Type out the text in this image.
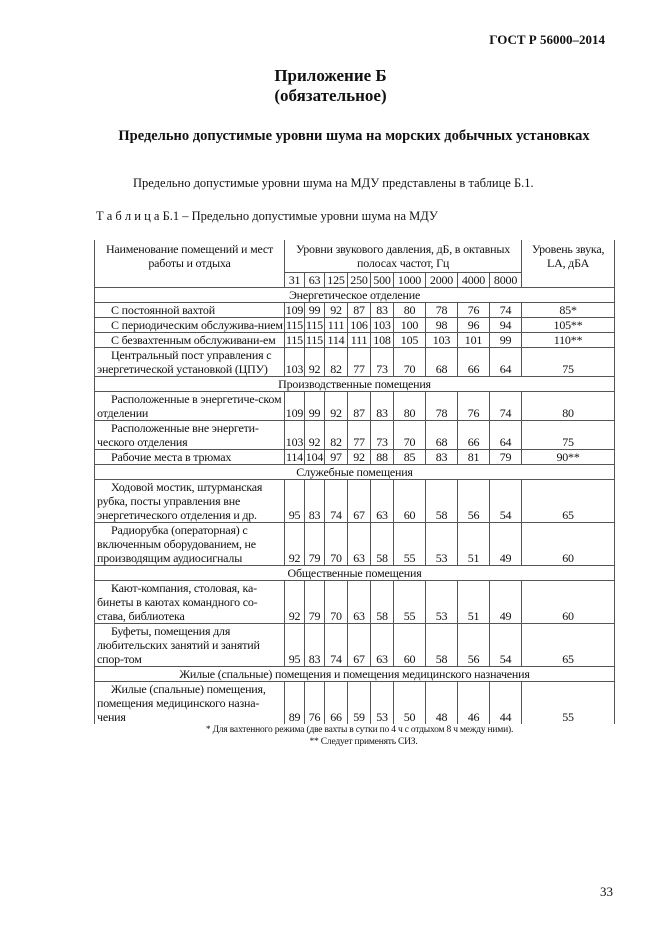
ГОСТ Р 56000–2014
Приложение Б
(обязательное)
Предельно допустимые уровни шума на морских добычных установках
Предельно допустимые уровни шума на МДУ представлены в таблице Б.1.
Т а б л и ц а Б.1 – Предельно допустимые уровни шума на МДУ
Наименование помещений и мест работы и отдыха	Уровни звукового давления, дБ, в октавных полосах частот, Гц									Уровень звука, LA, дБА
	31	63	125	250	500	1000	2000	4000	8000	
Энергетическое отделение										
С постоянной вахтой	109	99	92	87	83	80	78	76	74	85*
С периодическим обслужива-нием	115	115	111	106	103	100	98	96	94	105**
С безвахтенным обслуживани-ем	115	115	114	111	108	105	103	101	99	110**
Центральный пост управления с энергетической установкой (ЦПУ)	103	92	82	77	73	70	68	66	64	75
Производственные помещения										
Расположенные в энергетиче-ском отделении	109	99	92	87	83	80	78	76	74	80
Расположенные вне энергети-ческого отделения	103	92	82	77	73	70	68	66	64	75
Рабочие места в трюмах	114	104	97	92	88	85	83	81	79	90**
Служебные помещения										
Ходовой мостик, штурманская рубка, посты управления вне энергетического отделения и др.	95	83	74	67	63	60	58	56	54	65
Радиорубка (операторная) с включенным оборудованием, не производящим аудиосигналы	92	79	70	63	58	55	53	51	49	60
Общественные помещения										
Кают-компания, столовая, ка-бинеты в каютах командного со-става, библиотека	92	79	70	63	58	55	53	51	49	60
Буфеты, помещения для любительских занятий и занятий спор-том	95	83	74	67	63	60	58	56	54	65
Жилые (спальные) помещения и помещения медицинского назначения										
Жилые (спальные) помещения, помещения медицинского назна-чения	89	76	66	59	53	50	48	46	44	55
* Для вахтенного режима (две вахты в сутки по 4 ч с отдыхом 8 ч между ними).										
** Следует применять СИЗ.										
33
